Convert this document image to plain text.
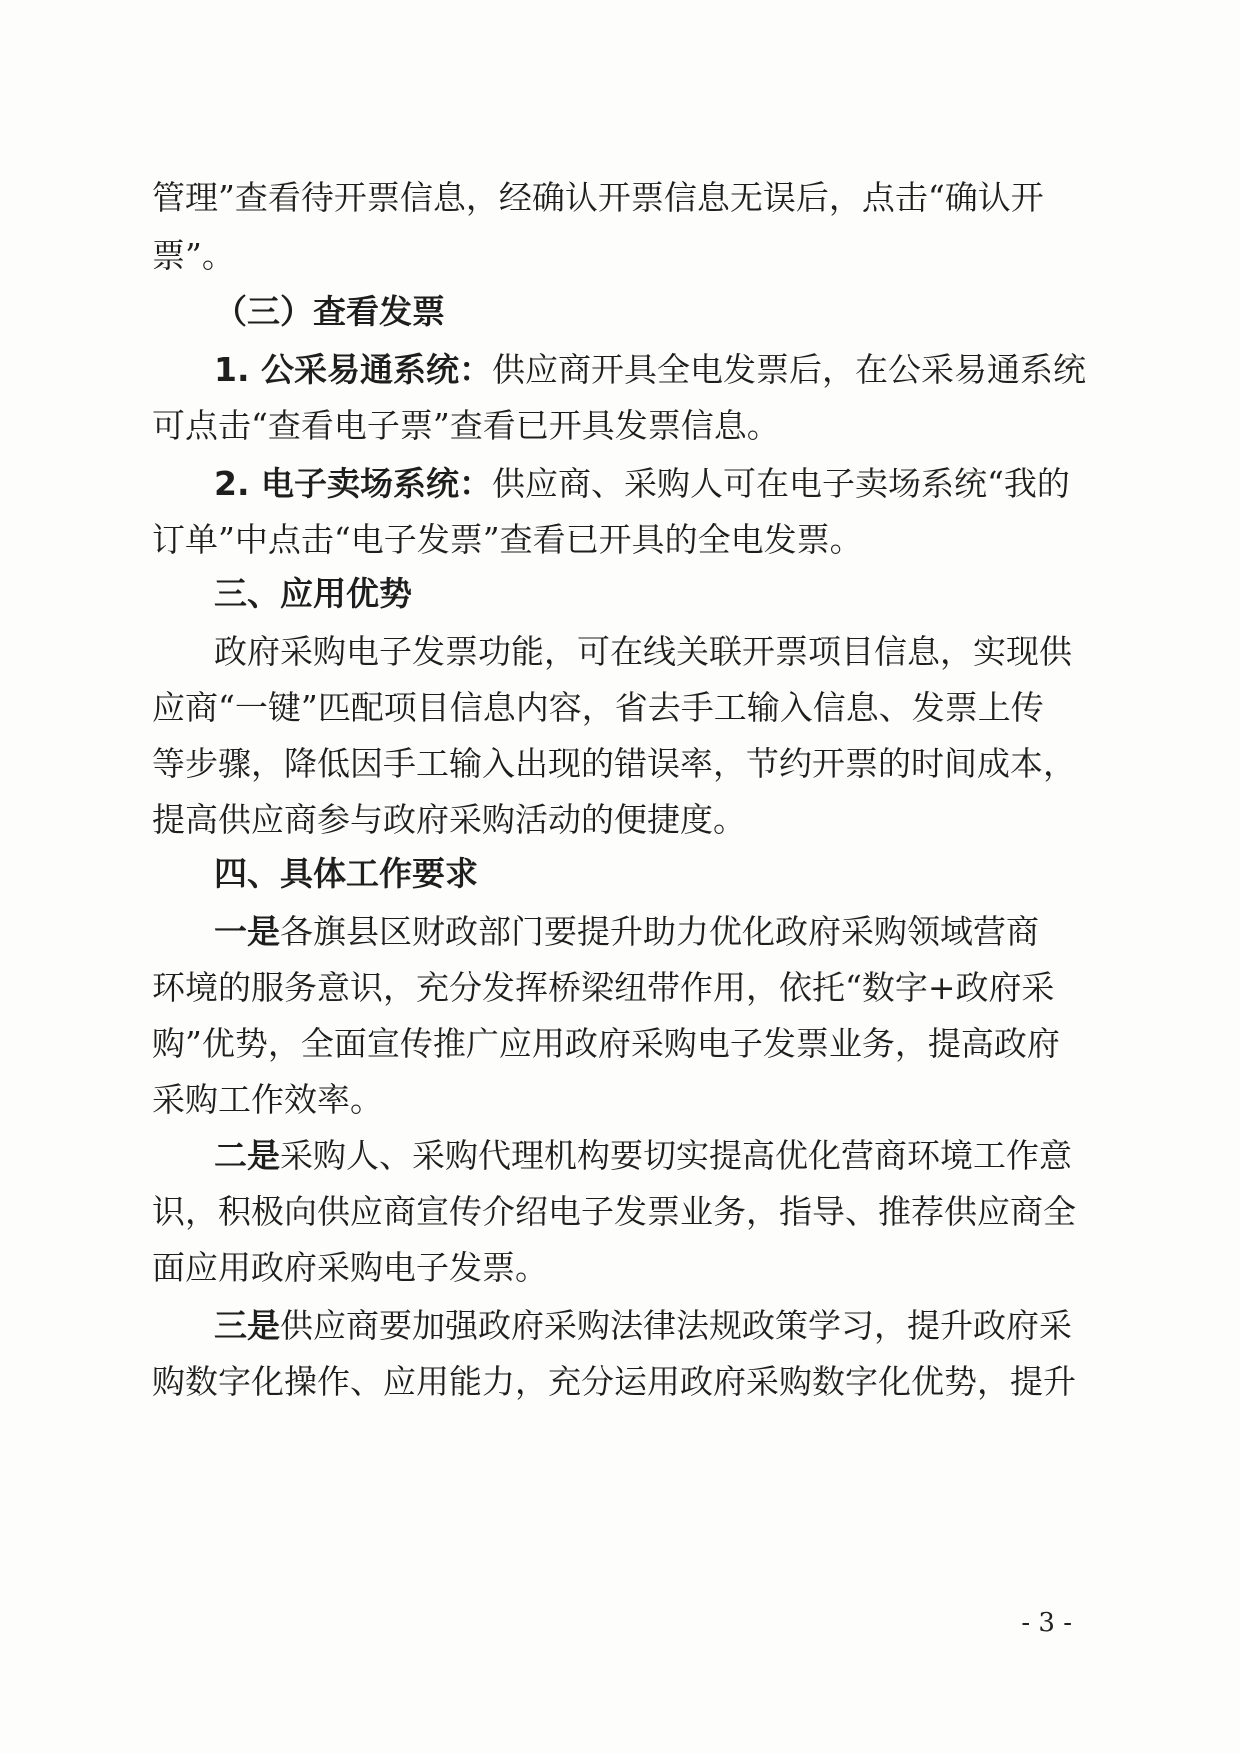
管理”查看待开票信息，经确认开票信息无误后，点击“确认开

票”。

（三）查看发票

1. 公采易通系统：供应商开具全电发票后，在公采易通系统

可点击“查看电子票”查看已开具发票信息。

2. 电子卖场系统：供应商、采购人可在电子卖场系统“我的

订单”中点击“电子发票”查看已开具的全电发票。

三、应用优势

政府采购电子发票功能，可在线关联开票项目信息，实现供

应商“一键”匹配项目信息内容，省去手工输入信息、发票上传

等步骤，降低因手工输入出现的错误率，节约开票的时间成本，

提高供应商参与政府采购活动的便捷度。

四、具体工作要求

一是各旗县区财政部门要提升助力优化政府采购领域营商

环境的服务意识，充分发挥桥梁纽带作用，依托“数字+政府采

购”优势，全面宣传推广应用政府采购电子发票业务，提高政府

采购工作效率。

二是采购人、采购代理机构要切实提高优化营商环境工作意

识，积极向供应商宣传介绍电子发票业务，指导、推荐供应商全

面应用政府采购电子发票。

三是供应商要加强政府采购法律法规政策学习，提升政府采

购数字化操作、应用能力，充分运用政府采购数字化优势，提升

- 3 -
